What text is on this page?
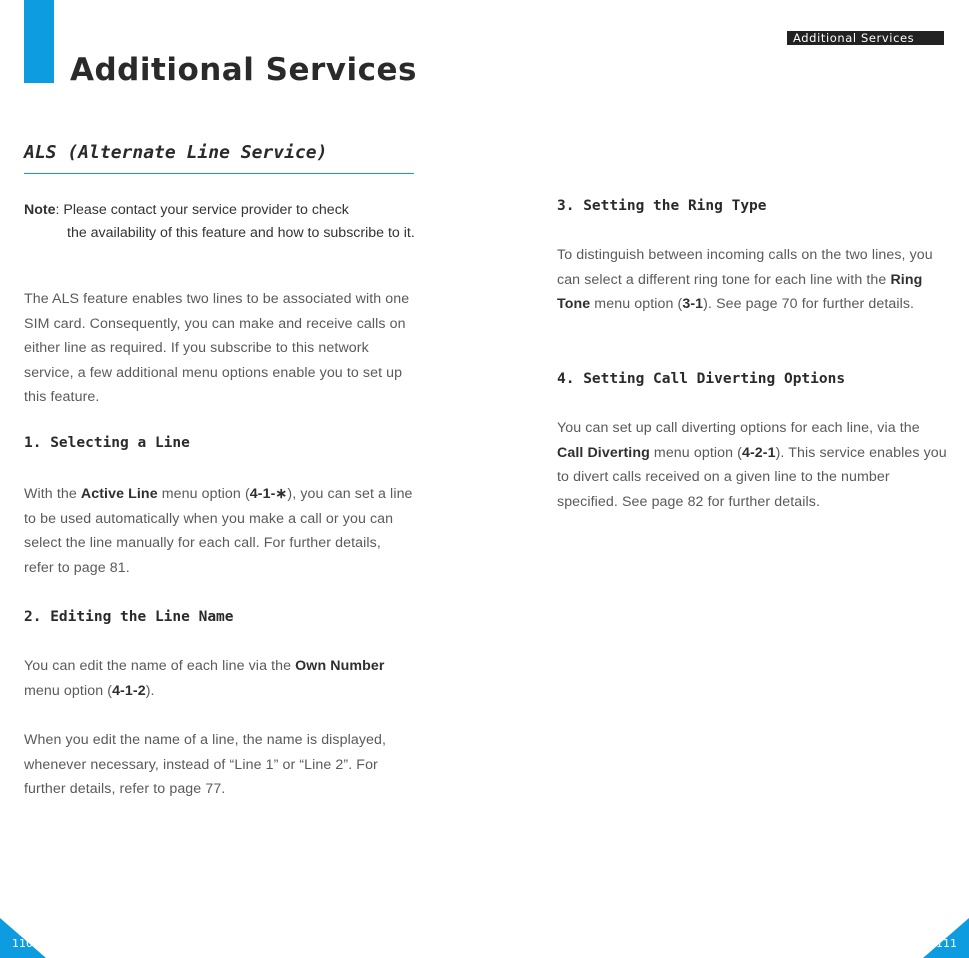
Additional Services
Additional Services
ALS (Alternate Line Service)
Note: Please contact your service provider to check
the availability of this feature and how to subscribe to it.
The ALS feature enables two lines to be associated with one SIM card. Consequently, you can make and receive calls on either line as required. If you subscribe to this network service, a few additional menu options enable you to set up this feature.
1. Selecting a Line
With the Active Line menu option (4-1-∗), you can set a line to be used automatically when you make a call or you can select the line manually for each call. For further details, refer to page 81.
2. Editing the Line Name
You can edit the name of each line via the Own Number menu option (4-1-2).
When you edit the name of a line, the name is displayed, whenever necessary, instead of “Line 1” or “Line 2”. For further details, refer to page 77.
3. Setting the Ring Type
To distinguish between incoming calls on the two lines, you can select a different ring tone for each line with the Ring Tone menu option (3-1). See page 70 for further details.
4. Setting Call Diverting Options
You can set up call diverting options for each line, via the Call Diverting menu option (4-2-1). This service enables you to divert calls received on a given line to the number specified. See page 82 for further details.
110	111
